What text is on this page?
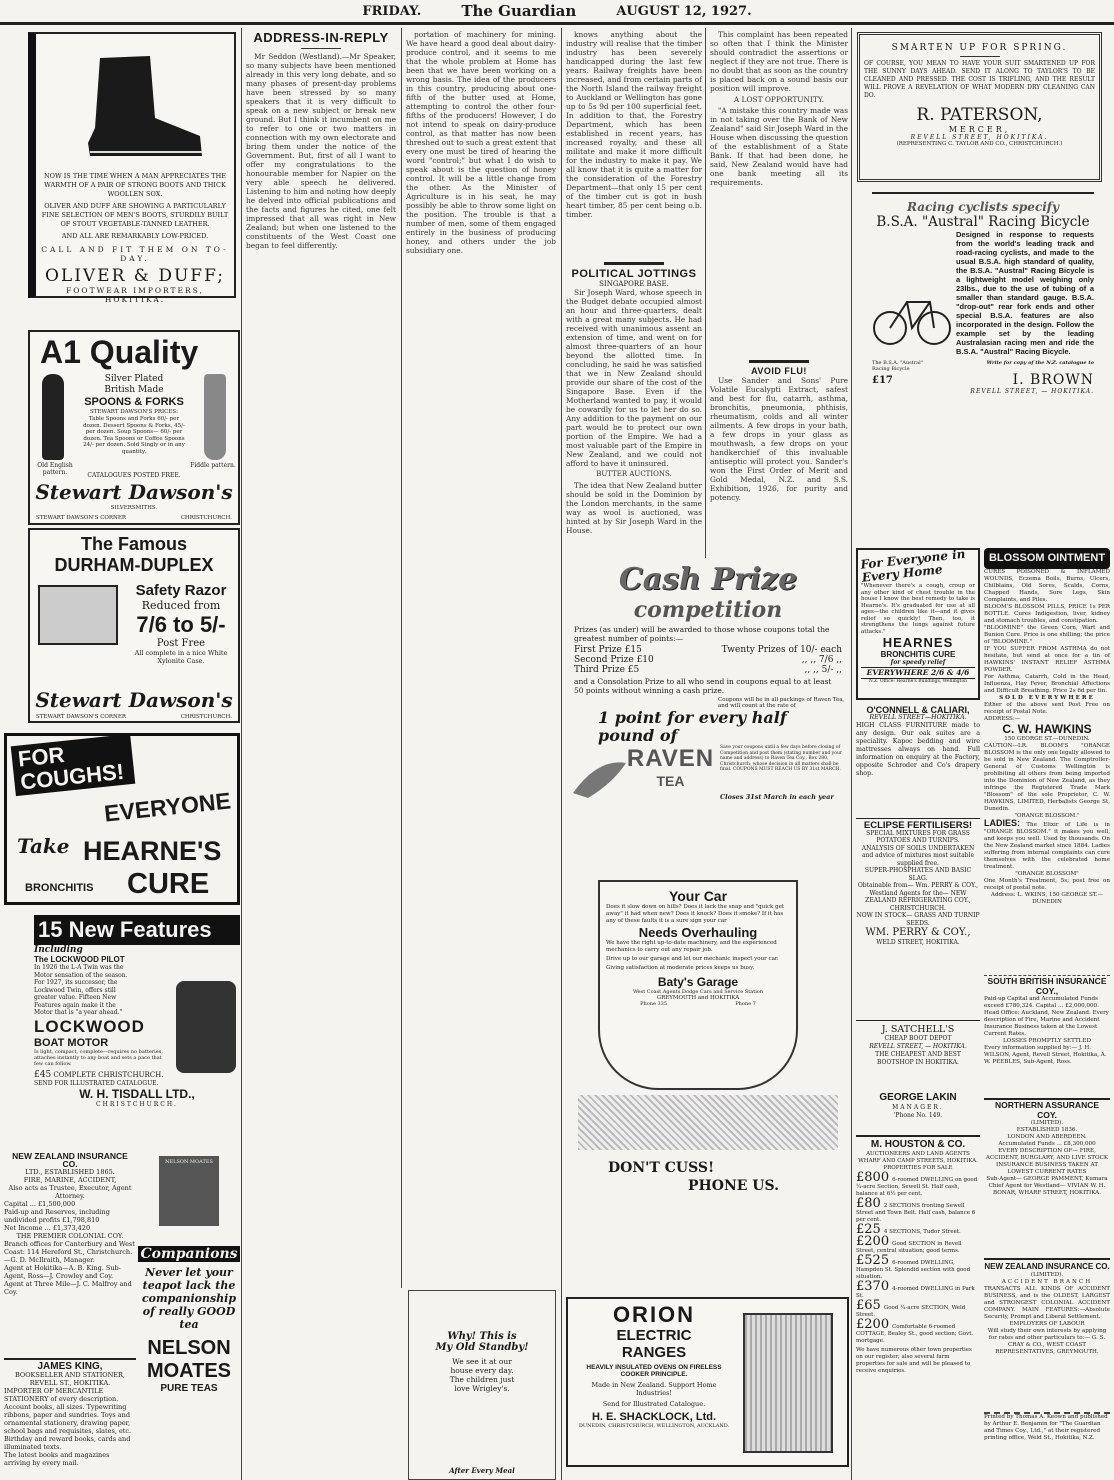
FRIDAY.	The Guardian	AUGUST 12, 1927.
NOW IS THE TIME WHEN A MAN APPRECIATES THE WARMTH OF A PAIR OF STRONG BOOTS AND THICK WOOLLEN SOX.
OLIVER AND DUFF ARE SHOWING A PARTICULARLY FINE SELECTION OF MEN'S BOOTS, STURDILY BUILT OF STOUT VEGETABLE-TANNED LEATHER.
AND ALL ARE REMARKABLY LOW-PRICED.
CALL AND FIT THEM ON TO-DAY.
OLIVER & DUFF;
FOOTWEAR IMPORTERS, HOKITIKA.
A1 Quality
Old English pattern.
Fiddle pattern.
Silver Plated
British Made
SPOONS & FORKS
STEWART DAWSON'S PRICES:
Table Spoons and Forks 60/- per dozen. Dessert Spoons & Forks, 45/- per dozen. Soup Spoons— 60/- per dozen. Tea Spoons or Coffee Spoons 24/- per dozen. Sold Singly or in any quantity.
CATALOGUES POSTED FREE.
Stewart Dawson's
SILVERSMITHS.
STEWART DAWSON'S CORNER	CHRISTCHURCH.
The Famous
DURHAM-DUPLEX
Safety Razor
Reduced from
7/6 to 5/-
Post Free
All complete in a nice White Xylonite Case.
Stewart Dawson's
STEWART DAWSON'S CORNER	CHRISTCHURCH.
FOR COUGHS!
EVERYONE
Take HEARNE'S
BRONCHITIS CURE
15 New Features
Including
The LOCKWOOD PILOT
In 1926 the L-A Twin was the Motor sensation of the season. For 1927, its successor, the Lockwood Twin, offers still greater value. Fifteen New Features again make it the Motor that is "a year ahead."
LOCKWOOD
BOAT MOTOR
Is light, compact, complete—requires no batteries, attaches instantly to any boat and sets a pace that few can follow.
£45 COMPLETE CHRISTCHURCH.
SEND FOR ILLUSTRATED CATALOGUE.
W. H. TISDALL LTD.,
CHRISTCHURCH.
NEW ZEALAND INSURANCE CO.
LTD., ESTABLISHED 1865.
FIRE, MARINE, ACCIDENT,
Also acts as Trustee, Executor, Agent Attorney.
Capital ... £1,500,000
Paid-up and Reserves, including undivided profits £1,798,810
Net Income ... £1,373,420
THE PREMIER COLONIAL COY.
Branch offices for Canterbury and West Coast: 114 Hereford St., Christchurch.—G. D. McIlraith, Manager.
Agent at Hokitika—A. B. King. Sub-Agent, Ross—J. Crowley and Coy.
Agent at Three Mile—J. C. Malfroy and Coy.
JAMES KING,
BOOKSELLER AND STATIONER,
REVELL ST., HOKITIKA.
IMPORTER OF MERCANTILE STATIONERY of every description. Account books, all sizes. Typewriting ribbons, paper and sundries. Toys and ornamental stationery, drawing paper, school bags and requisites, slates, etc. Birthday and reward books, cards and illuminated texts.
The latest books and magazines arriving by every mail.
NELSON MOATES
Companions
Never let your teapot lack the companionship of really GOOD tea
NELSON
MOATES
PURE TEAS
ADDRESS-IN-REPLY

Mr Seddon (Westland).—Mr Speaker, so many subjects have been mentioned already in this very long debate, and so many phases of present-day problems have been stressed by so many speakers that it is very difficult to speak on a new subject or break new ground. But I think it incumbent on me to refer to one or two matters in connection with my own electorate and bring them under the notice of the Government. But, first of all I want to offer my congratulations to the honourable member for Napier on the very able speech he delivered. Listening to him and noting how deeply he delved into official publications and the facts and figures he cited, one felt impressed that all was right in New Zealand; but when one listened to the constituents of the West Coast one began to feel differently.

portation of machinery for mining. We have heard a good deal about dairy-produce control, and it seems to me that the whole problem at Home has been that we have been working on a wrong basis. The idea of the producers in this country, producing about one-fifth of the butter used at Home, attempting to control the other four-fifths of the producers! However, I do not intend to speak on dairy-produce control, as that matter has now been threshed out to such a great extent that every one must be tired of hearing the word "control;" but what I do wish to speak about is the question of honey control. It will be a little change from the other. As the Minister of Agriculture is in his seat, he may possibly be able to throw some light on the position. The trouble is that a number of men, some of them engaged entirely in the business of producing honey, and others under the job subsidiary one.

Why! This is
My Old Standby!
We see it at our house every day. The children just love Wrigley's.
After Every Meal

knows anything about the industry will realise that the timber industry has been severely handicapped during the last few years. Railway freights have been increased, and from certain parts of the North Island the railway freight to Auckland or Wellington has gone up to 5s 9d per 100 superficial feet. In addition to that, the Forestry Department, which has been established in recent years, has increased royalty, and these all militate and make it more difficult for the industry to make it pay. We all know that it is quite a matter for the consideration of the Forestry Department—that only 15 per cent of the timber cut is got in bush heart timber, 85 per cent being o.b. timber.

POLITICAL JOTTINGS
SINGAPORE BASE.

Sir Joseph Ward, whose speech in the Budget debate occupied almost an hour and three-quarters, dealt with a great many subjects. He had received with unanimous assent an extension of time, and went on for almost three-quarters of an hour beyond the allotted time. In concluding, he said he was satisfied that we in New Zealand should provide our share of the cost of the Singapore Base. Even if the Motherland wanted to pay, it would be cowardly for us to let her do so. Any addition to the payment on our part would be to protect our own portion of the Empire. We had a most valuable part of the Empire in New Zealand, and we could not afford to have it uninsured.

BUTTER AUCTIONS.

The idea that New Zealand butter should be sold in the Dominion by the London merchants, in the same way as wool is auctioned, was hinted at by Sir Joseph Ward in the House.

This complaint has been repeated so often that I think the Minister should contradict the assertions or neglect if they are not true. There is no doubt that as soon as the country is placed back on a sound basis our position will improve.

A LOST OPPORTUNITY.

"A mistake this country made was in not taking over the Bank of New Zealand" said Sir Joseph Ward in the House when discussing the question of the establishment of a State Bank. If that had been done, he said, New Zealand would have had one bank meeting all its requirements.

AVOID FLU!

Use Sander and Sons' Pure Volatile Eucalypti Extract, safest and best for flu, catarrh, asthma, bronchitis, pneumonia, phthisis, rheumatism, colds and all winter ailments. A few drops in your bath, a few drops in your glass as mouthwash, a few drops on your handkerchief of this invaluable antiseptic will protect you. Sander's won the First Order of Merit and Gold Medal, N.Z. and S.S. Exhibition, 1926, for purity and potency.

Cash Prize
competition
Prizes (as under) will be awarded to those whose coupons total the greatest number of points:—
First Prize £15	Twenty Prizes of 10/- each
Second Prize £10	,, ,, 7/6 ,,
Third Prize £5	,, ,, 5/- ,,
and a Consolation Prize to all who send in coupons equal to at least 50 points without winning a cash prize.
Coupons will be in all packings of Raven Tea, and will count at the rate of
1 point for every half pound of
RAVEN
TEA
Save your coupons until a few days before closing of Competition and post them (stating number and your name and address) to Raven Tea Coy., Box 280, Christchurch, whose decision in all matters shall be final. COUPONS MUST REACH US BY 31st MARCH.
Closes 31st March in each year
Your Car
Does it slow down on hills? Does it lack the snap and "quick get away" it had when new? Does it knock? Does it smoke? If it has any of these faults it is a sure sign your car
Needs Overhauling
We have the right up-to-date machinery, and the experienced mechanics to carry out any repair job.
Drive up to our garage and let our mechanic inspect your car.
Giving satisfaction at moderate prices keeps us busy.
Baty's Garage
West Coast Agents Dodge Cars and Service Station
GREYMOUTH and HOKITIKA
Phone 335	Phone 7
DON'T CUSS!
PHONE US.
ORION
ELECTRIC
RANGES
HEAVILY INSULATED OVENS ON FIRELESS COOKER PRINCIPLE.
Made in New Zealand. Support Home Industries!
Send for Illustrated Catalogue.
H. E. SHACKLOCK, Ltd.
DUNEDIN, CHRISTCHURCH, WELLINGTON, AUCKLAND.
SMARTEN UP FOR SPRING.
OF COURSE, YOU MEAN TO HAVE YOUR SUIT SMARTENED UP FOR THE SUNNY DAYS AHEAD. SEND IT ALONG TO TAYLOR'S TO BE CLEANED AND PRESSED. THE COST IS TRIFLING, AND THE RESULT WILL PROVE A REVELATION OF WHAT MODERN DRY CLEANING CAN DO.
R. PATERSON,
MERCER,
REVELL STREET, HOKITIKA.
(REPRESENTING C. TAYLOR AND CO., CHRISTCHURCH.)
Racing cyclists specify
B.S.A. "Austral" Racing Bicycle
Designed in response to requests from the world's leading track and road-racing cyclists, and made to the usual B.S.A. high standard of quality, the B.S.A. "Austral" Racing Bicycle is a lightweight model weighing only 23lbs., due to the use of tubing of a smaller than standard gauge. B.S.A. "drop-out" rear fork ends and other special B.S.A. features are also incorporated in the design. Follow the example set by the leading Australasian racing men and ride the B.S.A. "Austral" Racing Bicycle.
The B.S.A. "Austral" Racing Bicycle
Write for copy of the N.Z. catalogue to
£17	I. BROWN
REVELL STREET, — HOKITIKA.
For Everyone in Every Home
"Whenever there's a cough, croup or any other kind of chest trouble in the house I know the best remedy to take is Hearne's. It's graduated for use at all ages—the children like it—and it gives relief so quickly! Then, too, it strengthens the lungs against future attacks."
HEARNES
BRONCHITIS CURE
for speedy relief
EVERYWHERE 2/6 & 4/6
N.Z. Office: Hearne's Buildings, Wellington
O'CONNELL & CALIARI,
REVELL STREET—HOKITIKA.
HIGH CLASS FURNITURE made to any design. Our oak suites are a speciality. Kapoc bedding and wire mattresses always on hand. Full information on enquiry at the Factory, opposite Schroder and Co's drapery shop.
ECLIPSE FERTILISERS!
SPECIAL MIXTURES FOR GRASS POTATOES AND TURNIPS.
ANALYSIS OF SOILS UNDERTAKEN and advice of mixtures most suitable supplied free.
SUPER-PHOSPHATES AND BASIC SLAG.
Obtainable from— Wm. PERRY & COY.,
Westland Agents for the— NEW ZEALAND REFRIGERATING COY., CHRISTCHURCH.
NOW IN STOCK— GRASS AND TURNIP SEEDS.
WM. PERRY & COY.,
WELD STREET, HOKITIKA.
J. SATCHELL'S
CHEAP BOOT DEPOT
REVELL STREET, — HOKITIKA.
THE CHEAPEST AND BEST BOOTSHOP IN HOKITIKA.
GEORGE LAKIN
MANAGER.
'Phone No. 149.
M. HOUSTON & CO.
AUCTIONEERS AND LAND AGENTS
WHARF AND CAMP STREETS, HOKITIKA.
PROPERTIES FOR SALE
£800 6-roomed DWELLING on good ¼-acre Section, Sewell St. Half cash, balance at 6½ per cent.
£80 2 SECTIONS fronting Sewell Street and Town Belt. Half cash, balance 6 per cent.
£25 4 SECTIONS, Tudor Street.
£200 Good SECTION in Revell Street, central situation; good terms.
£525 6-roomed DWELLING, Hampden St. Splendid section with good situation.
£370 4-roomed DWELLING in Park St.
£65 Good ¼-acre SECTION, Weld Street.
£200 Comfortable 6-roomed COTTAGE, Bealey St., good section; Govt. mortgage.
We have numerous other town properties on our register; also several farm properties for sale and will be pleased to receive enquiries.
BLOSSOM OINTMENT
CURES POISONED & INFLAMED WOUNDS, Eczema Boils, Burns, Ulcers, Chilblains, Old Sores, Scalds, Corns, Chapped Hands, Sore Legs, Skin Complaints, and Piles.
BLOOM'S BLOSSOM PILLS, PRICE 1s PER BOTTLE. Cures Indigestion, liver, kidney and stomach troubles, and constipation.
"BLOOMINE" the Green Corn, Wart and Bunion Cure. Price is one shilling; the price of "BLOOMINE."
IF YOU SUFFER FROM ASTHMA do not hesitate, but send at once for a tin of HAWKINS' INSTANT RELIEF ASTHMA POWDER.
For Asthma, Catarrh, Cold in the Head, Influenza, Hay Fever, Bronchial Affections and Difficult Breathing. Price 2s 6d per tin.
SOLD EVERYWHERE
Either of the above sent Post Free on receipt of Postal Note.
ADDRESS:—
C. W. HAWKINS
150 GEORGE ST.—DUNEDIN.
CAUTION—LR. BLOOM'S "ORANGE BLOSSOM is the only one legally allowed to be sold in New Zealand. The Comptroller-General of Customs Wellington is prohibiting all others from being imported into the Dominion of New Zealand, as they infringe the Registered Trade Mark "Blossom" of the sole Proprietor, C. W. HAWKINS, LIMITED, Herbalists George St, Dunedin.
"ORANGE BLOSSOM."
LADIES: The Elixir of Life is in "ORANGE BLOSSOM." it makes you well, and keeps you well. Used by thousands. On the New Zealand market since 1884. Ladies suffering from internal complaints can cure themselves with the celebrated home treatment.
"ORANGE BLOSSOM"
One Month's Treatment, 5s; post free on receipt of postal note.
Address: L. WKINS, 150 GEORGE ST.—DUNEDIN
SOUTH BRITISH INSURANCE COY.,
Paid-up Capital and Accumulated Funds exceed £780,324. Capital ... £2,000,000. Head Office: Auckland, New Zealand. Every description of Fire, Marine and Accident Insurance Business taken at the Lowest Current Rates.
LOSSES PROMPTLY SETTLED
Every information supplied by:— J. H. WILSON, Agent, Revell Street, Hokitika, A. W. PEEBLES, Sub-Agent, Ross.
NORTHERN ASSURANCE COY.
(LIMITED).
ESTABLISHED 1836.
LONDON AND ABERDEEN.
Accumulated Funds ... £8,300,000
EVERY DESCRIPTION OF— FIRE, ACCIDENT, BURGLARY, AND LIVE STOCK INSURANCE BUSINESS TAKEN AT LOWEST CURRENT RATES
Sub-Agent— GEORGE PAMMENT, Kumara
Chief Agent for Westland— VIVIAN W. H. BONAR, WHARF STREET, HOKITIKA.
NEW ZEALAND INSURANCE CO.
(LIMITED).
ACCIDENT BRANCH
TRANSACTS ALL KINDS OF ACCIDENT BUSINESS, and is the OLDEST, LARGEST and STRONGEST COLONIAL ACCIDENT COMPANY. MAIN FEATURES:—Absolute Security, Prompt and Liberal Settlement.
EMPLOYERS OF LABOUR
Will study their own interests by applying for rates and other particulars to:— G. S. CRAY & CO., WEST COAST REPRESENTATIVES, GREYMOUTH.
Printed by Thomas A. Keown and published by Arthur E. Benjamin for "The Guardian and Times Coy., Ltd.," at their registered printing office, Weld St., Hokitika, N.Z.
